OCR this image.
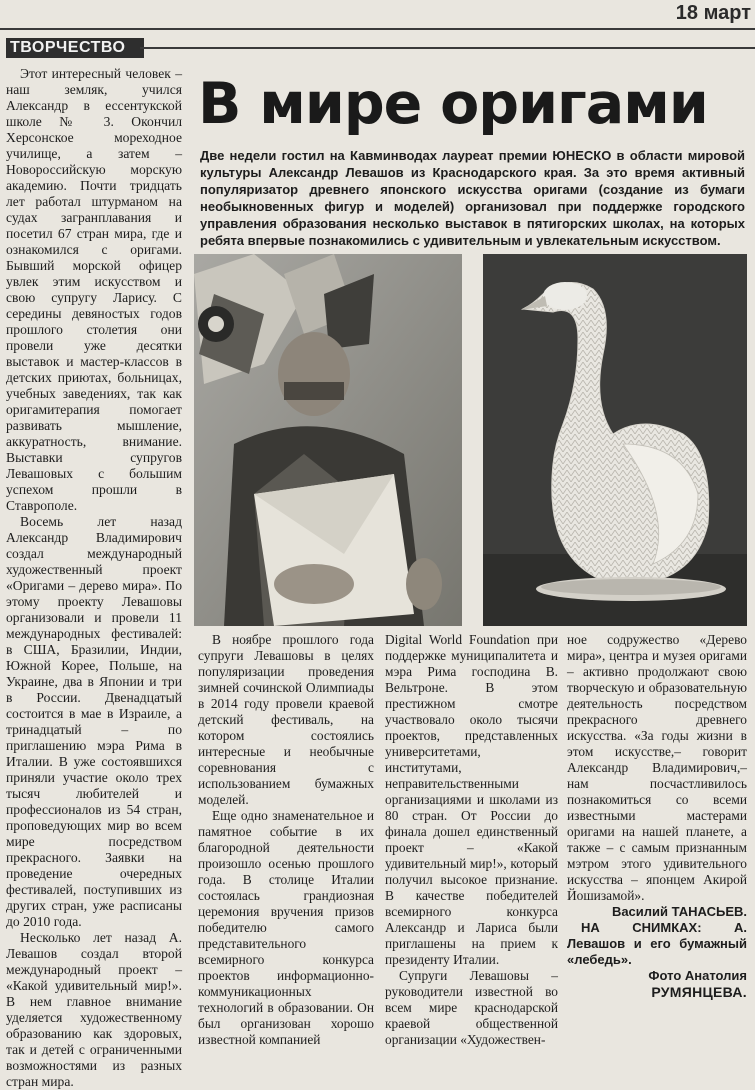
18 март
ТВОРЧЕСТВО

Этот интересный человек – наш земляк, учился Александр в ессентукской школе № 3. Окончил Херсонское мореходное училище, а затем – Новороссийскую морскую академию. Почти тридцать лет работал штурманом на судах загранплавания и посетил 67 стран мира, где и ознакомился с оригами. Бывший морской офицер увлек этим искусством и свою супругу Ларису. С середины девяностых годов прошлого столетия они провели уже десятки выставок и мастер-классов в детских приютах, больницах, учебных заведениях, так как оригамитерапия помогает развивать мышление, аккуратность, внимание. Выставки супругов Левашовых с большим успехом прошли в Ставрополе.

Восемь лет назад Александр Владимирович создал международный художественный проект «Оригами – дерево мира». По этому проекту Левашовы организовали и провели 11 международных фестивалей: в США, Бразилии, Индии, Южной Корее, Польше, на Украине, два в Японии и три в России. Двенадцатый состоится в мае в Израиле, а тринадцатый – по приглашению мэра Рима в Италии. В уже состоявшихся приняли участие около трех тысяч любителей и профессионалов из 54 стран, проповедующих мир во всем мире посредством прекрасного. Заявки на проведение очередных фестивалей, поступивших из других стран, уже расписаны до 2010 года.

Несколько лет назад А. Левашов создал второй международный проект – «Какой удивительный мир!». В нем главное внимание уделяется художественному образованию как здоровых, так и детей с ограниченными возможностями из разных стран мира.

В мире оригами
Две недели гостил на Кавминводах лауреат премии ЮНЕСКО в области мировой культуры Александр Левашов из Краснодарского края. За это время активный популяризатор древнего японского искусства оригами (создание из бумаги необыкновенных фигур и моделей) организовал при поддержке городского управления образования несколько выставок в пятигорских школах, на которых ребята впервые познакомились с удивительным и увлекательным искусством.

В ноябре прошлого года супруги Левашовы в целях популяризации проведения зимней сочинской Олимпиады в 2014 году провели краевой детский фестиваль, на котором состоялись интересные и необычные соревнования с использованием бумажных моделей.

Еще одно знаменательное и памятное событие в их благородной деятельности произошло осенью прошлого года. В столице Италии состоялась грандиозная церемония вручения призов победителю самого представительного всемирного конкурса проектов информационно-коммуникационных технологий в образовании. Он был организован хорошо известной компанией

Digital World Foundation при поддержке муниципалитета и мэра Рима господина В. Вельтроне. В этом престижном смотре участвовало около тысячи проектов, представленных университетами, институтами, неправительственными организациями и школами из 80 стран. От России до финала дошел единственный проект – «Какой удивительный мир!», который получил высокое признание. В качестве победителей всемирного конкурса Александр и Лариса были приглашены на прием к президенту Италии.

Супруги Левашовы – руководители известной во всем мире краснодарской краевой общественной организации «Художествен-

ное содружество «Дерево мира», центра и музея оригами – активно продолжают свою творческую и образовательную деятельность посредством прекрасного древнего искусства. «За годы жизни в этом искусстве,– говорит Александр Владимирович,– нам посчастливилось познакомиться со всеми известными мастерами оригами на нашей планете, а также – с самым признанным мэтром этого удивительного искусства – японцем Акирой Йошизамой».

Василий ТАНАСЬЕВ.

НА СНИМКАХ: А. Левашов и его бумажный «лебедь».

Фото Анатолия
РУМЯНЦЕВА.
